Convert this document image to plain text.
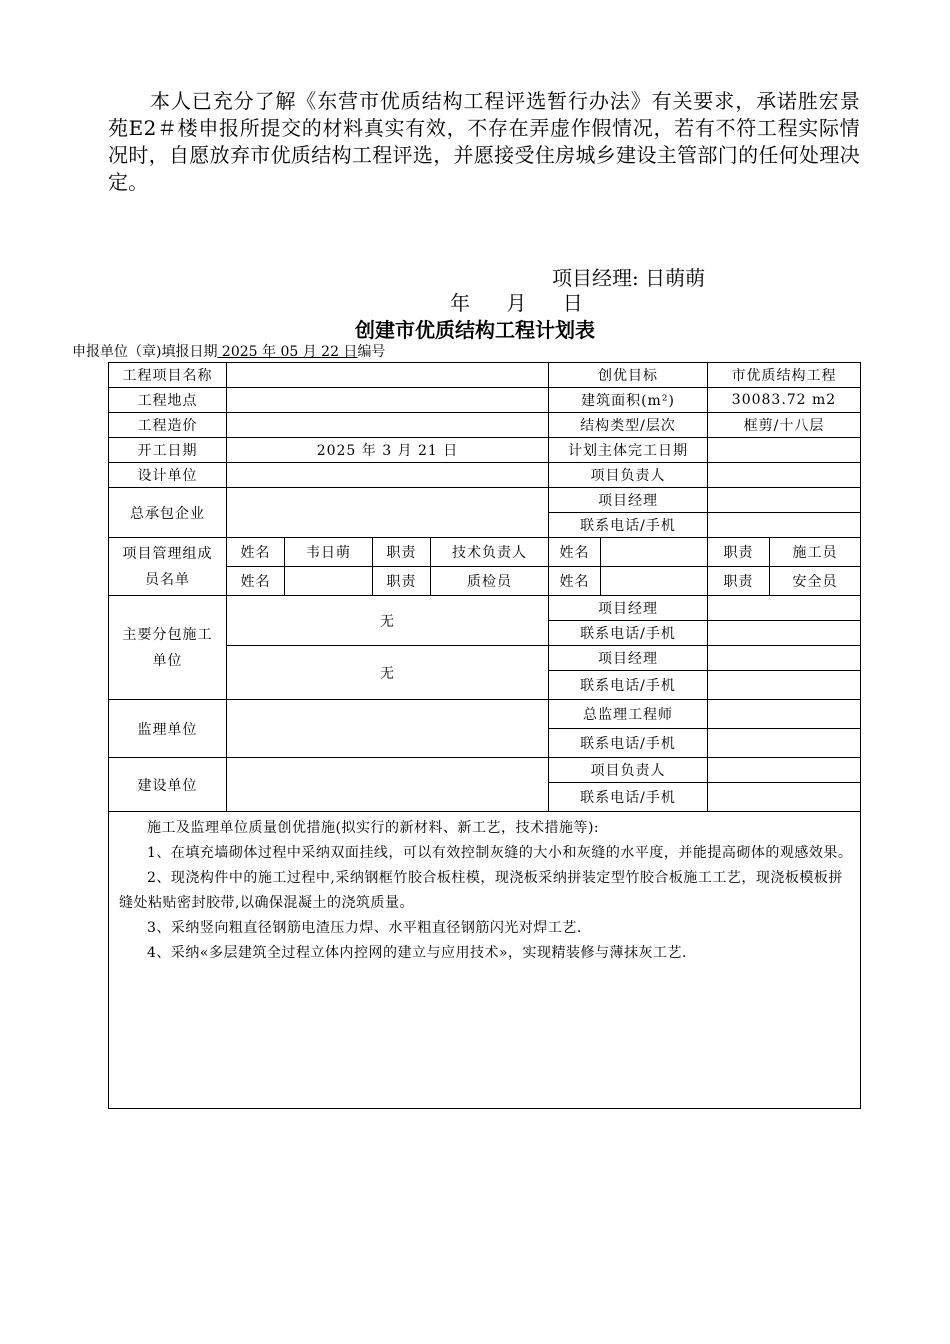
本人已充分了解《东营市优质结构工程评选暂行办法》有关要求，承诺胜宏景苑E2＃楼申报所提交的材料真实有效，不存在弄虚作假情况，若有不符工程实际情况时，自愿放弃市优质结构工程评选，并愿接受住房城乡建设主管部门的任何处理决定。
项目经理: 日萌萌
年 月 日
创建市优质结构工程计划表
申报单位（章)填报日期 2025 年 05 月 22 日编号
工程项目名称					创优目标		市优质结构工程	
工程地点					建筑面积(m²)		30083.72 m2	
工程造价					结构类型/层次		框剪/十八层	
开工日期	2025 年 3 月 21 日				计划主体完工日期			
设计单位					项目负责人			
总承包企业					项目经理			
					联系电话/手机			
项目管理组成员名单	姓名	韦日萌	职责	技术负责人	姓名		职责	施工员
	姓名		职责	质检员	姓名		职责	安全员
主要分包施工单位	无				项目经理			
					联系电话/手机			
	无				项目经理			
					联系电话/手机			
监理单位					总监理工程师			
					联系电话/手机			
建设单位					项目负责人			
					联系电话/手机			

施工及监理单位质量创优措施(拟实行的新材料、新工艺，技术措施等):

1、在填充墙砌体过程中采纳双面挂线，可以有效控制灰缝的大小和灰缝的水平度，并能提高砌体的观感效果。

2、现浇构件中的施工过程中,采纳钢框竹胶合板柱模，现浇板采纳拼装定型竹胶合板施工工艺，现浇板模板拼缝处粘贴密封胶带,以确保混凝土的浇筑质量。

3、采纳竖向粗直径钢筋电渣压力焊、水平粗直径钢筋闪光对焊工艺.

4、采纳«多层建筑全过程立体内控网的建立与应用技术»，实现精装修与薄抹灰工艺.								
